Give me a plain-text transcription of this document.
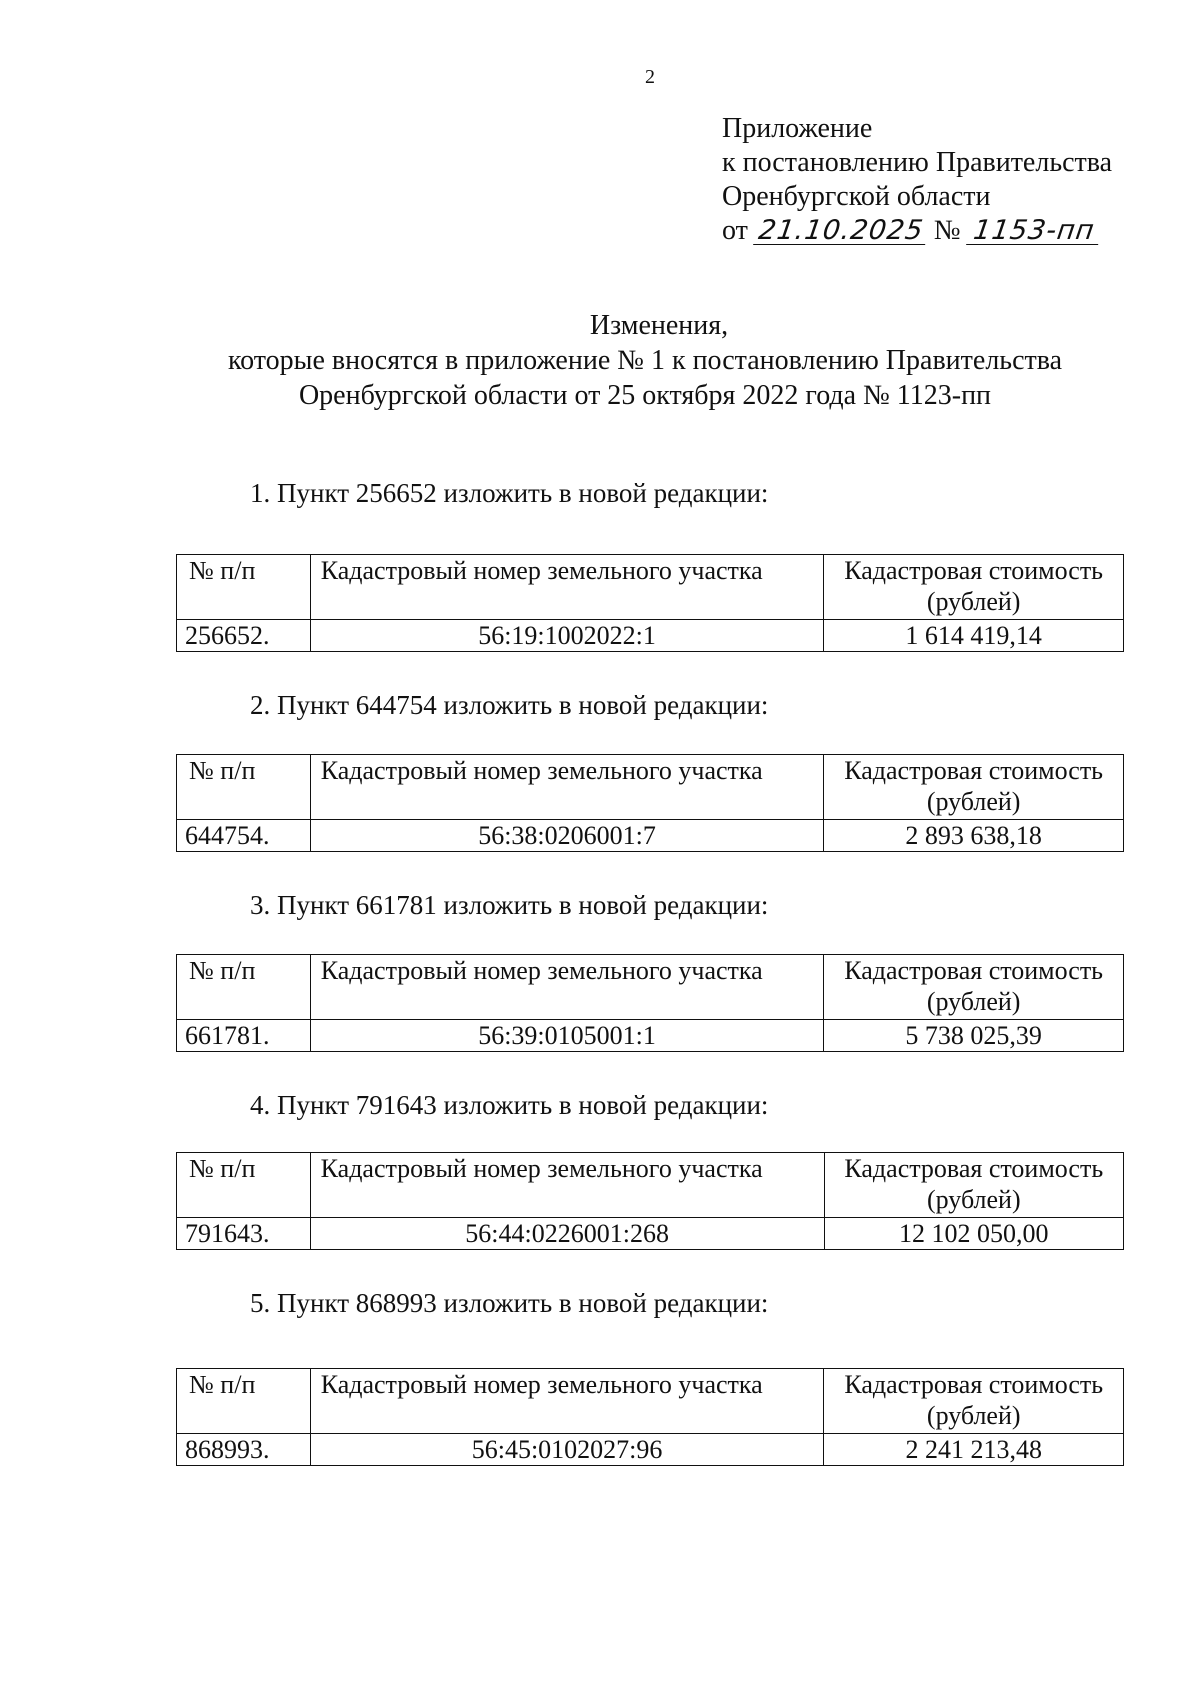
2
Приложение
к постановлению Правительства
Оренбургской области
от 21.10.2025 № 1153-пп
Изменения,
которые вносятся в приложение № 1 к постановлению Правительства
Оренбургской области от 25 октября 2022 года № 1123-пп
1. Пункт 256652 изложить в новой редакции:
№ п/п	Кадастровый номер земельного участка	Кадастровая стоимость (рублей)
256652.	56:19:1002022:1	1 614 419,14
2. Пункт 644754 изложить в новой редакции:
№ п/п	Кадастровый номер земельного участка	Кадастровая стоимость (рублей)
644754.	56:38:0206001:7	2 893 638,18
3. Пункт 661781 изложить в новой редакции:
№ п/п	Кадастровый номер земельного участка	Кадастровая стоимость (рублей)
661781.	56:39:0105001:1	5 738 025,39
4. Пункт 791643 изложить в новой редакции:
№ п/п	Кадастровый номер земельного участка	Кадастровая стоимость (рублей)
791643.	56:44:0226001:268	12 102 050,00
5. Пункт 868993 изложить в новой редакции:
№ п/п	Кадастровый номер земельного участка	Кадастровая стоимость (рублей)
868993.	56:45:0102027:96	2 241 213,48
